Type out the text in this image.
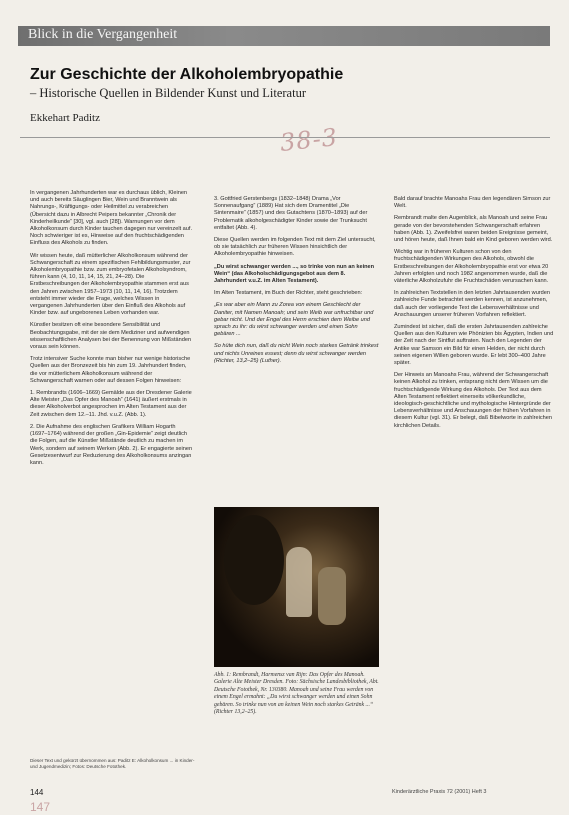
Blick in die Vergangenheit
Zur Geschichte der Alkoholembryopathie
– Historische Quellen in Bildender Kunst und Literatur
Ekkehart Paditz
38-3

In vergangenen Jahrhunderten war es durchaus üblich, Kleinen und auch bereits Säuglingen Bier, Wein und Branntwein als Nahrungs-, Kräftigungs- oder Heilmittel zu verabreichen (Übersicht dazu in Albrecht Peipers bekannter „Chronik der Kinderheilkunde“ [30], vgl. auch [28]). Warnungen vor dem Alkoholkonsum durch Kinder tauchen dagegen nur vereinzelt auf. Noch schwieriger ist es, Hinweise auf den fruchtschädigenden Einfluss des Alkohols zu finden.

Wir wissen heute, daß mütterlicher Alkoholkonsum während der Schwangerschaft zu einem spezifischen Fehlbildungsmuster, zur Alkoholembryopathie bzw. zum embryofetalen Alkoholsyndrom, führen kann (4, 10, 11, 14, 15, 21, 24–28). Die Erstbeschreibungen der Alkoholembryopathie stammen erst aus den Jahren zwischen 1957–1973 (10, 11, 14, 16). Trotzdem entsteht immer wieder die Frage, welches Wissen in vergangenen Jahrhunderten über den Einfluß des Alkohols auf Kinder bzw. auf ungeborenes Leben vorhanden war.

Künstler besitzen oft eine besondere Sensibilität und Beobachtungsgabe, mit der sie dem Mediziner und aufwendigen wissenschaftlichen Analysen bei der Benennung von Mißständen voraus sein können.

Trotz intensiver Suche konnte man bisher nur wenige historische Quellen aus der Bronzezeit bis hin zum 19. Jahrhundert finden, die vor mütterlichem Alkoholkonsum während der Schwangerschaft warnen oder auf dessen Folgen hinweisen:

1. Rembrandts (1606–1669) Gemälde aus der Dresdener Galerie Alte Meister „Das Opfer des Manoah“ (1641) äußert erstmals in dieser Alkoholverbot angesprochen im Alten Testament aus der Zeit zwischen dem 12.–11. Jhd. v.u.Z. (Abb. 1).

2. Die Aufnahme des englischen Grafikers William Hogarth (1697–1764) während der großen „Gin-Epidemie“ zeigt deutlich die Folgen, auf die Künstler Mißstände deutlich zu machen im Werk, sondern auf seinem Werken (Abb. 2). Er engagierte seinen Gesetzesentwurf zur Reduzierung des Alkoholkonsums anzingan kann.

3. Gottfried Gerstenbergs (1832–1848) Drama „Vor Sonnenaufgang“ (1889) Hat sich dem Dramentitel „Die Sintenmaire“ (1857) und des Gutachtens (1870–1893) auf der Problematik alkoholgeschädigter Kinder sowie der Trunksucht entfaltet (Abb. 4).

Diese Quellen werden im folgenden Text mit dem Ziel untersucht, ob sie tatsächlich zur früheren Wissen hinsichtlich der Alkoholembryopathie hinweisen.

„Du wirst schwanger werden ..., so trinke von nun an keinen Wein“ (das Alkoholschädigungsgebot aus dem 8. Jahrhundert v.u.Z. im Alten Testament).

Im Alten Testament, im Buch der Richter, steht geschrieben:

„Es war aber ein Mann zu Zorea von einem Geschlecht der Daniter, mit Namen Manoah; und sein Weib war unfruchtbar und gebar nicht. Und der Engel des Herrn erschien dem Weibe und sprach zu ihr: du wirst schwanger werden und einen Sohn gebären ...

So hüte dich nun, daß du nicht Wein noch starkes Getränk trinkest und nichts Unreines essest; denn du wirst schwanger werden (Richter, 13,2–25) (Luther).

Abb. 1: Rembrandt, Harmensz van Rijn: Das Opfer des Manoah. Galerie Alte Meister Dresden. Foto: Sächsische Landesbibliothek, Abt. Deutsche Fotothek, Nr. 130380. Manoah und seine Frau werden von einem Engel ermahnt: „Du wirst schwanger werden und einen Sohn gebären. So trinke nun von an keinen Wein noch starkes Getränk ...“ (Richter 13,2–25).

Bald darauf brachte Manoahs Frau den legendären Simson zur Welt.

Rembrandt malte den Augenblick, als Manoah und seine Frau gerade von der bevorstehenden Schwangerschaft erfahren haben (Abb. 1). Zweifelsfrei waren beiden Ereignisse gemeint, und hören heute, daß Ihnen bald ein Kind geboren werden wird.

Wichtig war in früheren Kulturen schon von den fruchtschädigenden Wirkungen des Alkohols, obwohl die Erstbeschreibungen der Alkoholembryopathie erst vor etwa 20 Jahren erfolgten und noch 1982 angenommen wurde, daß die väterliche Alkoholzufuhr die Fruchtschäden verursachen kann.

In zahlreichen Textstellen in den letzten Jahrtausenden wurden zahlreiche Funde betrachtet werden kennen, ist anzunehmen, daß auch der vorliegende Text die Lebensverhältnisse und Anschauungen unserer früheren Vorfahren reflektiert.

Zumindest ist sicher, daß die ersten Jahrtausenden zahlreiche Quellen aus den Kulturen wie Phönizien bis Ägypten, Indien und der Zeit nach der Sintflut auftraten. Nach den Legenden der Antike war Samson ein Bild für einen Helden, der nicht durch seinen eigenen Willen geboren wurde. Er lebt 300–400 Jahre später.

Der Hinweis an Manoahs Frau, während der Schwangerschaft keinen Alkohol zu trinken, entsprang nicht dem Wissen um die fruchtschädigende Wirkung des Alkohols. Der Text aus dem Alten Testament reflektiert einerseits völkerkundliche, ideologisch-geschichtliche und mythologische Hintergründe der Lebensverhältnisse und Anschauungen der frühen Vorfahren in diesem Kultur (vgl. 31). Er belegt, daß Bibelworte in zahlreichen kirchlichen Details.

Dieser Text und gekürzt übernommen aus: Paditz E: Alkoholkonsum ... in Kinder- und Jugendmedizin; Fotos: Deutsche Fotothek.
144
147
Kinderärztliche Praxis 72 (2001) Heft 3
